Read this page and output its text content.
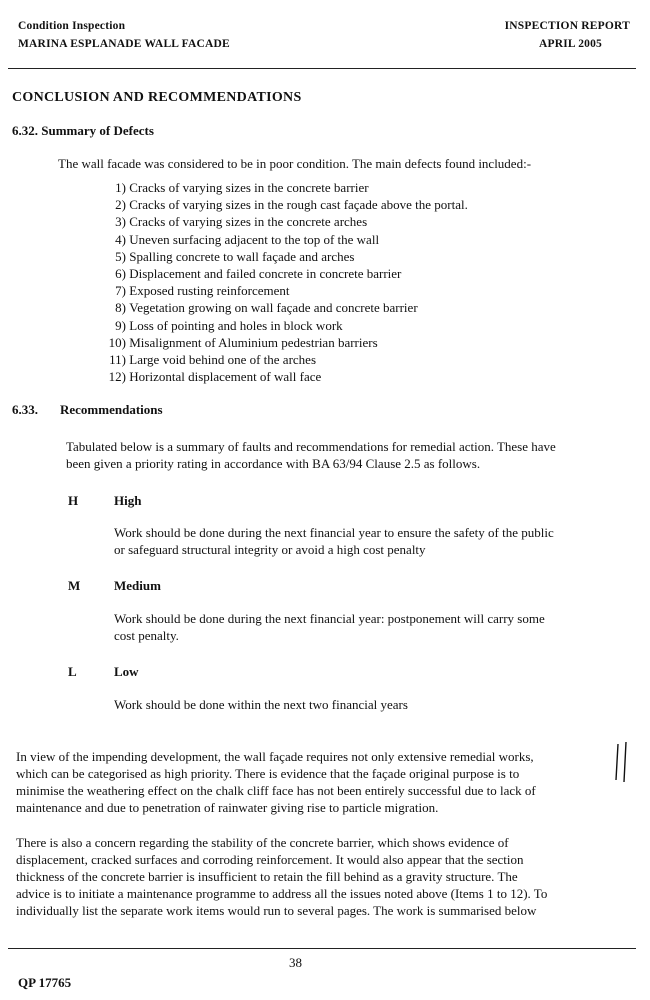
Condition Inspection
MARINA ESPLANADE WALL FACADE
INSPECTION REPORT
APRIL 2005
CONCLUSION AND RECOMMENDATIONS
6.32. Summary of Defects
The wall facade was considered to be in poor condition. The main defects found included:-
1) Cracks of varying sizes in the concrete barrier
2) Cracks of varying sizes in the rough cast façade above the portal.
3) Cracks of varying sizes in the concrete arches
4) Uneven surfacing adjacent to the top of the wall
5) Spalling concrete to wall façade and arches
6) Displacement and failed concrete in concrete barrier
7) Exposed rusting reinforcement
8) Vegetation growing on wall façade and concrete barrier
9) Loss of pointing and holes in block work
10) Misalignment of Aluminium pedestrian barriers
11) Large void behind one of the arches
12) Horizontal displacement of wall face
6.33. Recommendations
Tabulated below is a summary of faults and recommendations for remedial action. These have
been given a priority rating in accordance with BA 63/94 Clause 2.5 as follows.
H	High
Work should be done during the next financial year to ensure the safety of the public
or safeguard structural integrity or avoid a high cost penalty
M	Medium
Work should be done during the next financial year: postponement will carry some
cost penalty.
L	Low
Work should be done within the next two financial years
In view of the impending development, the wall façade requires not only extensive remedial works,
which can be categorised as high priority. There is evidence that the façade original purpose is to
minimise the weathering effect on the chalk cliff face has not been entirely successful due to lack of
maintenance and due to penetration of rainwater giving rise to particle migration.
There is also a concern regarding the stability of the concrete barrier, which shows evidence of
displacement, cracked surfaces and corroding reinforcement. It would also appear that the section
thickness of the concrete barrier is insufficient to retain the fill behind as a gravity structure. The
advice is to initiate a maintenance programme to address all the issues noted above (Items 1 to 12). To
individually list the separate work items would run to several pages. The work is summarised below
38
QP 17765
